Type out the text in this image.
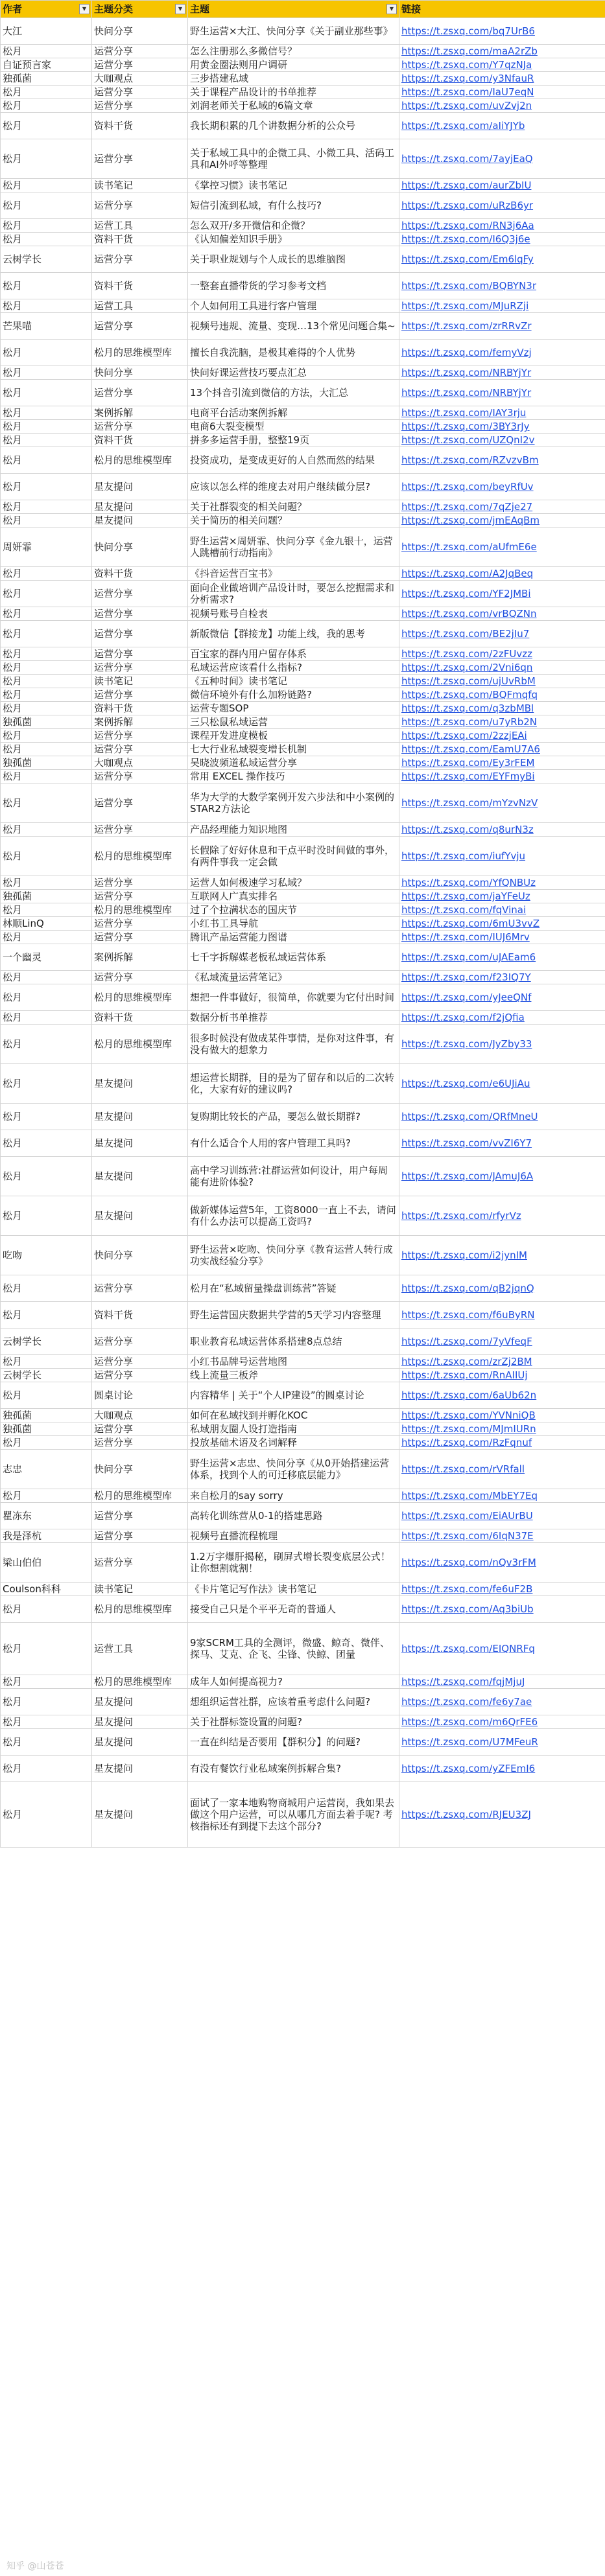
作者 ▼	主题分类 ▼	主题 ▼	链接
大江	快问分享	野生运营×大江、快问分享《关于副业那些事》	https://t.zsxq.com/bq7UrB6
松月	运营分享	怎么注册那么多微信号？	https://t.zsxq.com/maA2rZb
自证预言家	运营分享	用黄金圈法则用户调研	https://t.zsxq.com/Y7qzNJa
独孤菌	大咖观点	三步搭建私域	https://t.zsxq.com/y3NfauR
松月	运营分享	关于课程产品设计的书单推荐	https://t.zsxq.com/IaU7eqN
松月	运营分享	刘润老师关于私域的6篇文章	https://t.zsxq.com/uvZvj2n
松月	资料干货	我长期积累的几个讲数据分析的公众号	https://t.zsxq.com/aIiYJYb
松月	运营分享	关于私域工具中的企微工具、小微工具、活码工具和AI外呼等整理	https://t.zsxq.com/7ayjEaQ
松月	读书笔记	《掌控习惯》读书笔记	https://t.zsxq.com/aurZbIU
松月	运营分享	短信引流到私域，有什么技巧?	https://t.zsxq.com/uRzB6yr
松月	运营工具	怎么双开/多开微信和企微？	https://t.zsxq.com/RN3j6Aa
松月	资料干货	《认知偏差知识手册》	https://t.zsxq.com/I6Q3j6e
云树学长	运营分享	关于职业规划与个人成长的思维脑图	https://t.zsxq.com/Em6lqFy
松月	资料干货	一整套直播带货的学习参考文档	https://t.zsxq.com/BQBYN3r
松月	运营工具	个人如何用工具进行客户管理	https://t.zsxq.com/MJuRZji
芒果喵	运营分享	视频号违规、流量、变现…13个常见问题合集~	https://t.zsxq.com/zrRRvZr
松月	松月的思维模型库	擅长自我洗脑，是极其难得的个人优势	https://t.zsxq.com/femyVzj
松月	快问分享	快问好课运营技巧要点汇总	https://t.zsxq.com/NRBYjYr
松月	运营分享	13个抖音引流到微信的方法，大汇总	https://t.zsxq.com/NRBYjYr
松月	案例拆解	电商平台活动案例拆解	https://t.zsxq.com/IAY3rju
松月	运营分享	电商6大裂变模型	https://t.zsxq.com/3BY3rJy
松月	资料干货	拼多多运营手册，整整19页	https://t.zsxq.com/UZQnI2v
松月	松月的思维模型库	投资成功，是变成更好的人自然而然的结果	https://t.zsxq.com/RZvzvBm
松月	星友提问	应该以怎么样的维度去对用户继续做分层?	https://t.zsxq.com/beyRfUv
松月	星友提问	关于社群裂变的相关问题？	https://t.zsxq.com/7qZje27
松月	星友提问	关于简历的相关问题？	https://t.zsxq.com/jmEAqBm
周妍霏	快问分享	野生运营×周妍霏、快问分享《金九银十，运营人跳槽前行动指南》	https://t.zsxq.com/aUfmE6e
松月	资料干货	《抖音运营百宝书》	https://t.zsxq.com/A2JqBeq
松月	运营分享	面向企业做培训产品设计时，要怎么挖掘需求和分析需求?	https://t.zsxq.com/YF2JMBi
松月	运营分享	视频号账号自检表	https://t.zsxq.com/vrBQZNn
松月	运营分享	新版微信【群接龙】功能上线，我的思考	https://t.zsxq.com/BE2jIu7
松月	运营分享	百宝家的群内用户留存体系	https://t.zsxq.com/2zFUvzz
松月	运营分享	私域运营应该看什么指标?	https://t.zsxq.com/2Vni6qn
松月	读书笔记	《五种时间》读书笔记	https://t.zsxq.com/ujUvRbM
松月	运营分享	微信环境外有什么加粉链路?	https://t.zsxq.com/BQFmqfq
松月	资料干货	运营专题SOP	https://t.zsxq.com/q3zbMBl
独孤菌	案例拆解	三只松鼠私域运营	https://t.zsxq.com/u7yRb2N
松月	运营分享	课程开发进度模板	https://t.zsxq.com/2zzjEAi
松月	运营分享	七大行业私域裂变增长机制	https://t.zsxq.com/EamU7A6
独孤菌	大咖观点	吴晓波频道私域运营分享	https://t.zsxq.com/Ey3rFEM
松月	运营分享	常用 EXCEL 操作技巧	https://t.zsxq.com/EYFmyBi
松月	运营分享	华为大学的大数学案例开发六步法和中小案例的STAR2方法论	https://t.zsxq.com/mYzvNzV
松月	运营分享	产品经理能力知识地图	https://t.zsxq.com/q8urN3z
松月	松月的思维模型库	长假除了好好休息和干点平时没时间做的事外，有两件事我一定会做	https://t.zsxq.com/iufYvju
松月	运营分享	运营人如何极速学习私域？	https://t.zsxq.com/YfQNBUz
独孤菌	运营分享	互联网人广真实排名	https://t.zsxq.com/jaYFeUz
松月	松月的思维模型库	过了个拉满状态的国庆节	https://t.zsxq.com/fqVinai
林顺LinQ	运营分享	小红书工具导航	https://t.zsxq.com/6mU3vvZ
松月	运营分享	腾讯产品运营能力图谱	https://t.zsxq.com/IUJ6Mrv
一个幽灵	案例拆解	七千字拆解媒老板私域运营体系	https://t.zsxq.com/uJAEam6
松月	运营分享	《私域流量运营笔记》	https://t.zsxq.com/f23IQ7Y
松月	松月的思维模型库	想把一件事做好，很简单，你就要为它付出时间	https://t.zsxq.com/yJeeQNf
松月	资料干货	数据分析书单推荐	https://t.zsxq.com/f2jQfia
松月	松月的思维模型库	很多时候没有做成某件事情，是你对这件事，有没有做大的想象力	https://t.zsxq.com/JyZby33
松月	星友提问	想运营长期群，目的是为了留存和以后的二次转化，大家有好的建议吗?	https://t.zsxq.com/e6UJiAu
松月	星友提问	复购期比较长的产品，要怎么做长期群?	https://t.zsxq.com/QRfMneU
松月	星友提问	有什么适合个人用的客户管理工具吗?	https://t.zsxq.com/vvZI6Y7
松月	星友提问	高中学习训练营:社群运营如何设计，用户每周能有进阶体验?	https://t.zsxq.com/JAmuJ6A
松月	星友提问	做新媒体运营5年，工资8000一直上不去，请问有什么办法可以提高工资吗?	https://t.zsxq.com/rfyrVz
吃吻	快问分享	野生运营×吃吻、快问分享《教育运营人转行成功实战经验分享》	https://t.zsxq.com/i2jynIM
松月	运营分享	松月在“私域留量操盘训练营”答疑	https://t.zsxq.com/qB2jqnQ
松月	资料干货	野生运营国庆数据共学营的5天学习内容整理	https://t.zsxq.com/f6uByRN
云树学长	运营分享	职业教育私域运营体系搭建8点总结	https://t.zsxq.com/7yVfeqF
松月	运营分享	小红书品牌号运营地图	https://t.zsxq.com/zrZj2BM
云树学长	运营分享	线上流量三板斧	https://t.zsxq.com/RnAIIUj
松月	圆桌讨论	内容精华 | 关于“个人IP建设”的圆桌讨论	https://t.zsxq.com/6aUb62n
独孤菌	大咖观点	如何在私域找到并孵化KOC	https://t.zsxq.com/YVNniQB
独孤菌	运营分享	私域朋友圈人设打造指南	https://t.zsxq.com/MJmIURn
松月	运营分享	投放基础术语及名词解释	https://t.zsxq.com/RzFqnuf
志忠	快问分享	野生运营×志忠、快问分享《从0开始搭建运营体系，找到个人的可迁移底层能力》	https://t.zsxq.com/rVRfall
松月	松月的思维模型库	来自松月的say sorry	https://t.zsxq.com/MbEY7Eq
瞿冻东	运营分享	高转化训练营从0-1的搭建思路	https://t.zsxq.com/EiAUrBU
我是泽杭	运营分享	视频号直播流程梳理	https://t.zsxq.com/6IqN37E
梁山伯伯	运营分享	1.2万字爆肝揭秘，刷屏式增长裂变底层公式！让你想割就割！	https://t.zsxq.com/nQv3rFM
Coulson科科	读书笔记	《卡片笔记写作法》读书笔记	https://t.zsxq.com/fe6uF2B
松月	松月的思维模型库	接受自己只是个平平无奇的普通人	https://t.zsxq.com/Aq3biUb
松月	运营工具	9家SCRM工具的全测评，微盛、鲸奇、微伴、探马、艾克、企飞、尘锋、快鲸、团量	https://t.zsxq.com/EIQNRFq
松月	松月的思维模型库	成年人如何提高视力?	https://t.zsxq.com/fqjMjuJ
松月	星友提问	想组织运营社群，应该着重考虑什么问题?	https://t.zsxq.com/fe6y7ae
松月	星友提问	关于社群标签设置的问题?	https://t.zsxq.com/m6QrFE6
松月	星友提问	一直在纠结是否要用【群积分】的问题?	https://t.zsxq.com/U7MFeuR
松月	星友提问	有没有餐饮行业私域案例拆解合集?	https://t.zsxq.com/yZFEmI6
松月	星友提问	面试了一家本地购物商城用户运营岗，我如果去做这个用户运营，可以从哪几方面去着手呢? 考核指标还有到提下去这个部分?	https://t.zsxq.com/RJEU3ZJ
知乎 @山苍苍
